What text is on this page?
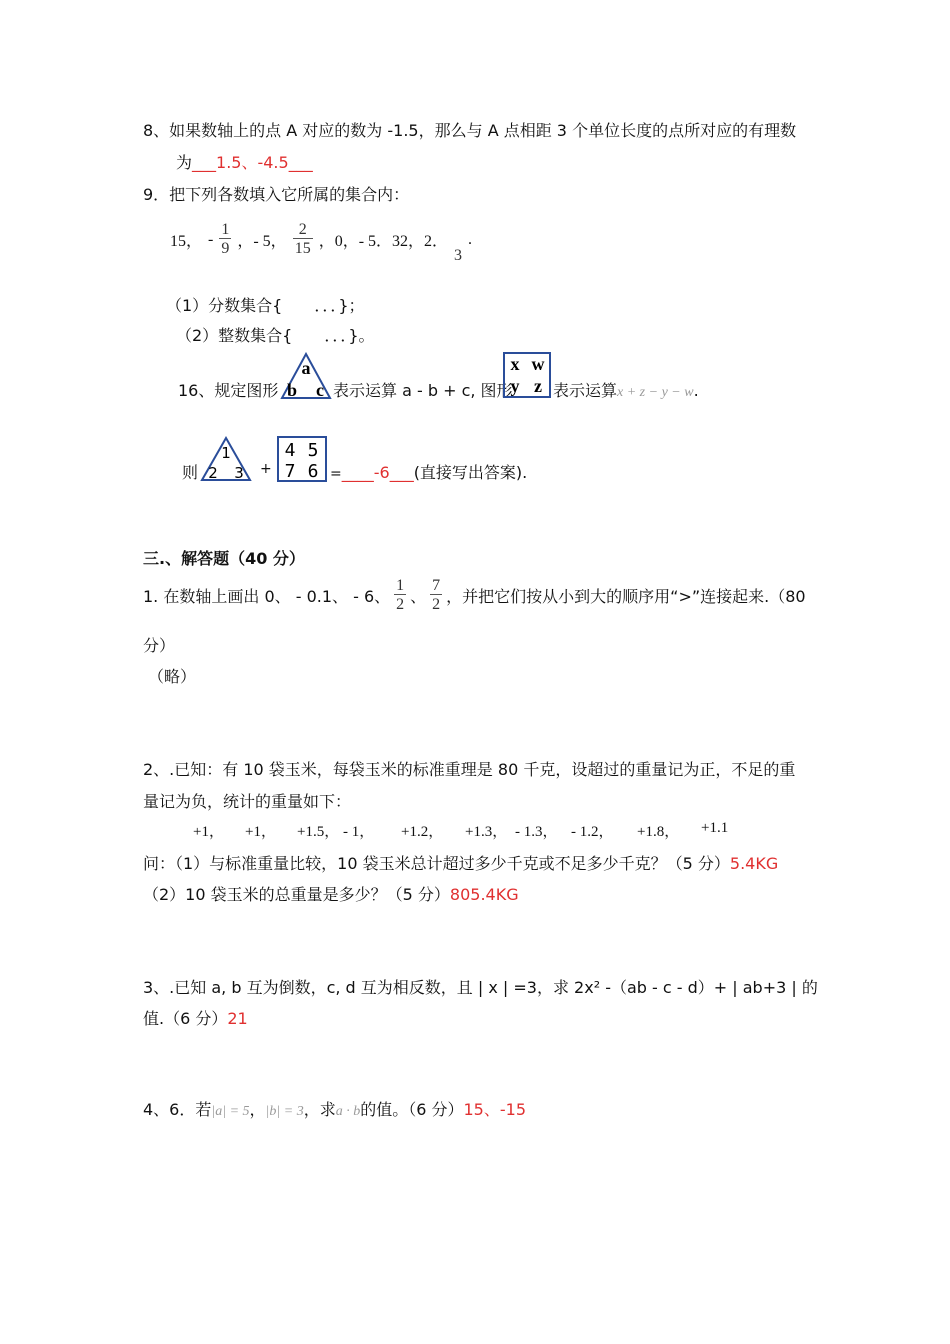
8、如果数轴上的点 A 对应的数为 -1.5，那么与 A 点相距 3 个单位长度的点所对应的有理数
为___1.5、-4.5___
9．把下列各数填入它所属的集合内：
15， - $\frac{1}{9}$ ，- 5， $\frac{2}{15}$ ，0，- 5．32，2．
3
.
（1）分数集合{　　．．．}；
（2）整数集合{　　．．．}。
16、规定图形
a
b c 表示运算 a - b + c, 图形
x w
y z 表示运算x + z − y − w.
则
1
2 3 +
4 5
7 6 =____-6___(直接写出答案).
三.、解答题（40 分）
1. 在数轴上画出 0、 - 0.1、 - 6、 $\frac{1}{2}$ 、 $\frac{7}{2}$ ，并把它们按从小到大的顺序用“>”连接起来.（80
分）
（略）
2、.已知：有 10 袋玉米，每袋玉米的标准重理是 80 千克，设超过的重量记为正，不足的重
量记为负，统计的重量如下：
+1， +1， +1.5， - 1， +1.2， +1.3， - 1.3， - 1.2， +1.8， +1.1
问：（1）与标准重量比较，10 袋玉米总计超过多少千克或不足多少千克？（5 分）5.4KG
（2）10 袋玉米的总重量是多少？（5 分）805.4KG
3、.已知 a, b 互为倒数，c, d 互为相反数，且 | x | =3，求 2x² -（ab - c - d）+ | ab+3 | 的
值.（6 分）21
4、6．若|a| = 5，|b| = 3，求a · b的值。（6 分）15、-15
